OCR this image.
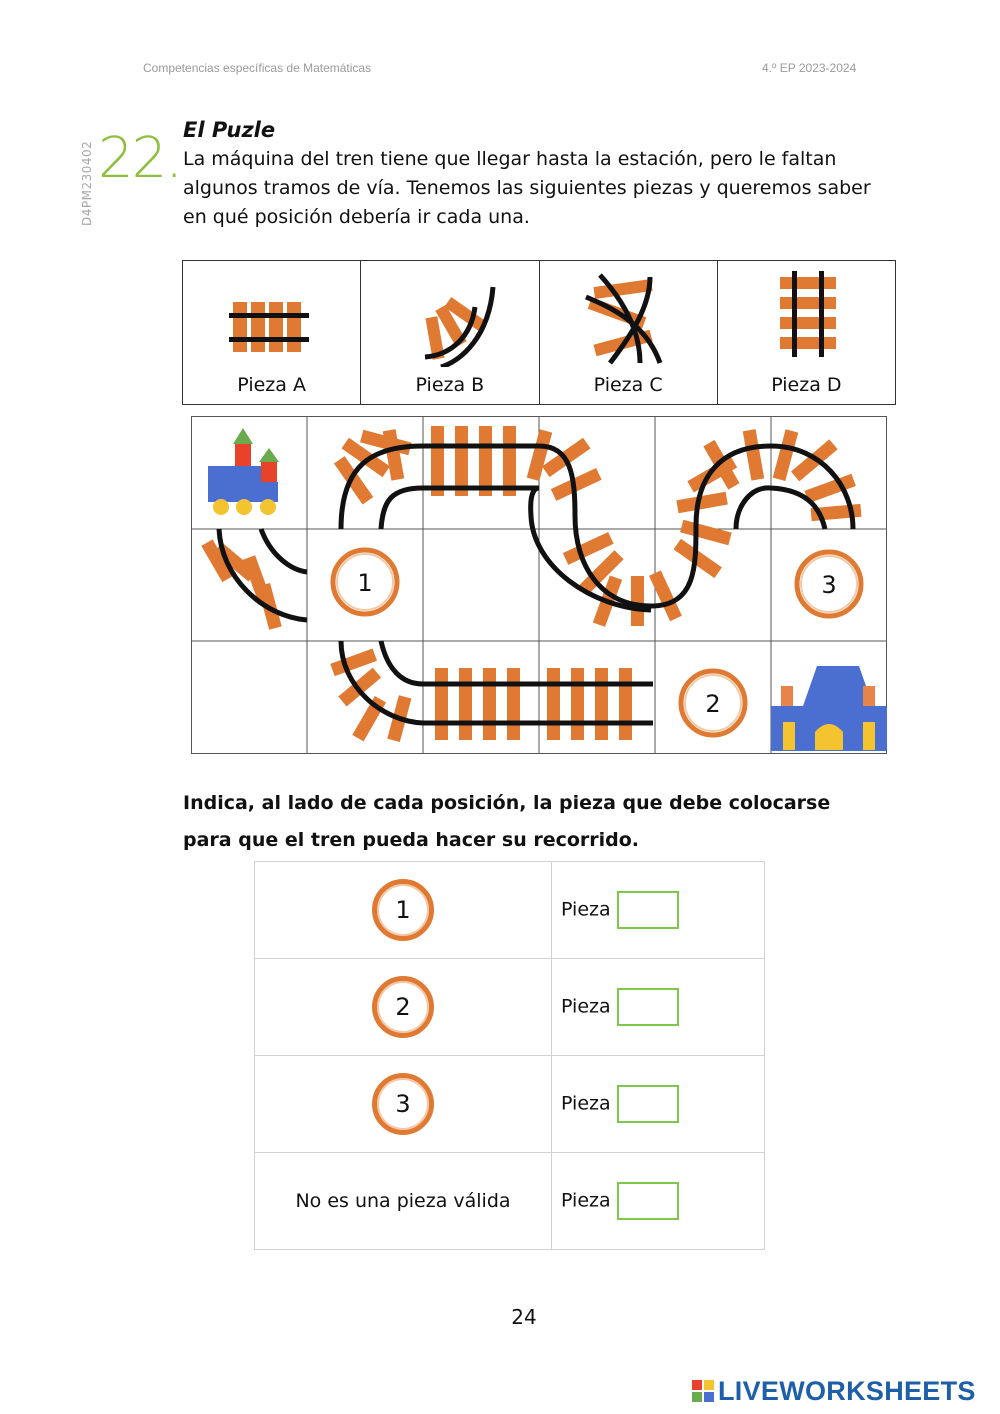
Competencias específicas de Matemáticas	4.º EP 2023-2024
D4PM230402 22. El Puzle
La máquina del tren tiene que llegar hasta la estación, pero le faltan algunos tramos de vía. Tenemos las siguientes piezas y queremos saber en qué posición debería ir cada una.
Pieza A	Pieza B	Pieza C	Pieza D
1	3
2
Indica, al lado de cada posición, la pieza que debe colocarse para que el tren pueda hacer su recorrido.
1	Pieza
2	Pieza
3	Pieza
No es una pieza válida	Pieza
24
LIVEWORKSHEETS
